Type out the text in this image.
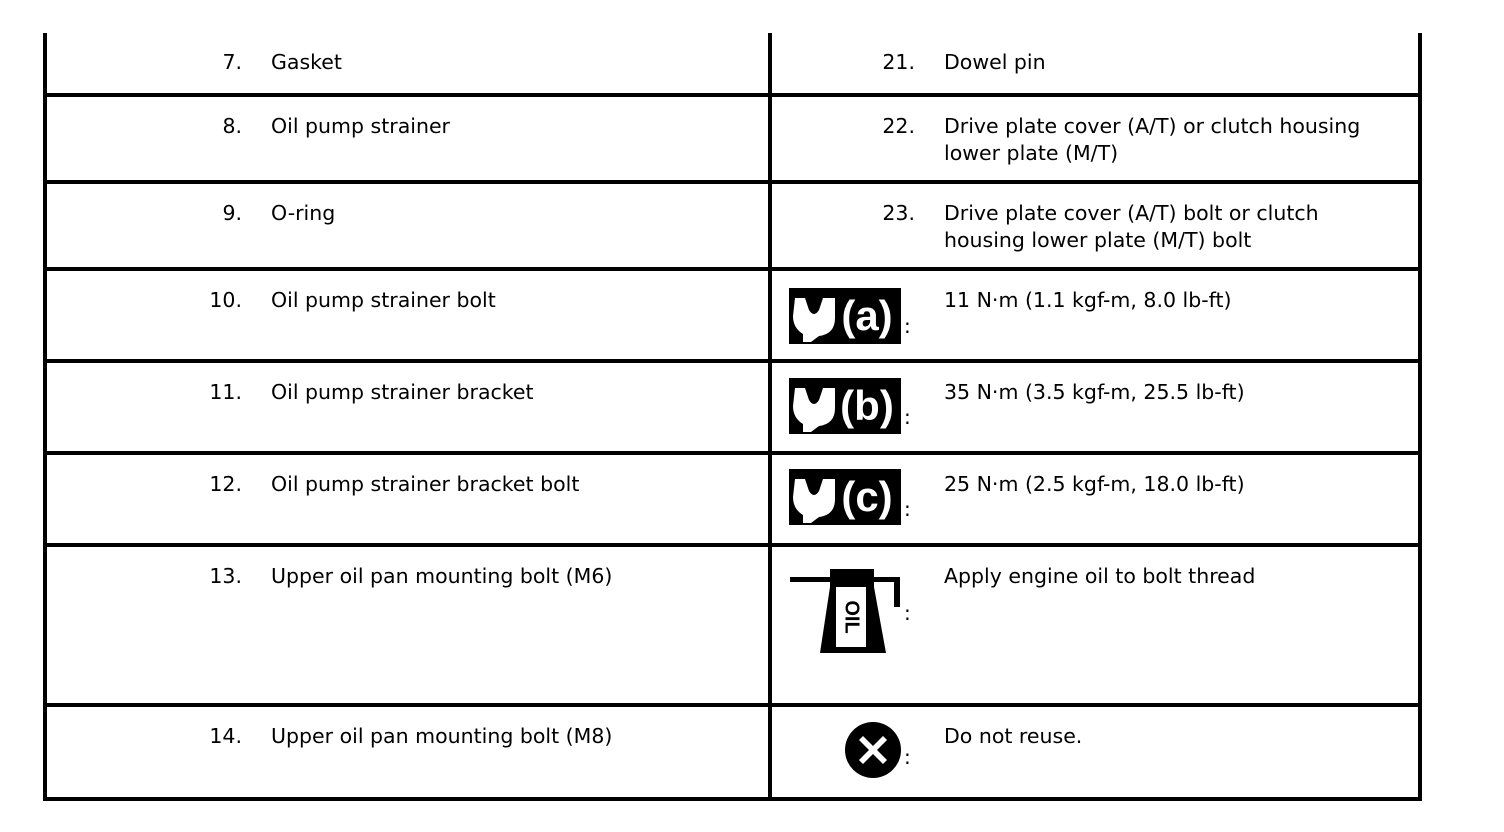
7. Gasket	21. Dowel pin

8. Oil pump strainer	22. Drive plate cover (A/T) or clutch housing
lower plate (M/T)

9. O-ring	23. Drive plate cover (A/T) bolt or clutch
housing lower plate (M/T) bolt

10. Oil pump strainer bolt	(a) :
11 N·m (1.1 kgf-m, 8.0 lb-ft)

11. Oil pump strainer bracket	(b) :
35 N·m (3.5 kgf-m, 25.5 lb-ft)

12. Oil pump strainer bracket bolt	(c) :
25 N·m (2.5 kgf-m, 18.0 lb-ft)

13. Upper oil pan mounting bolt (M6)	OIL :
Apply engine oil to bolt thread

14. Upper oil pan mounting bolt (M8)	:
Do not reuse.
